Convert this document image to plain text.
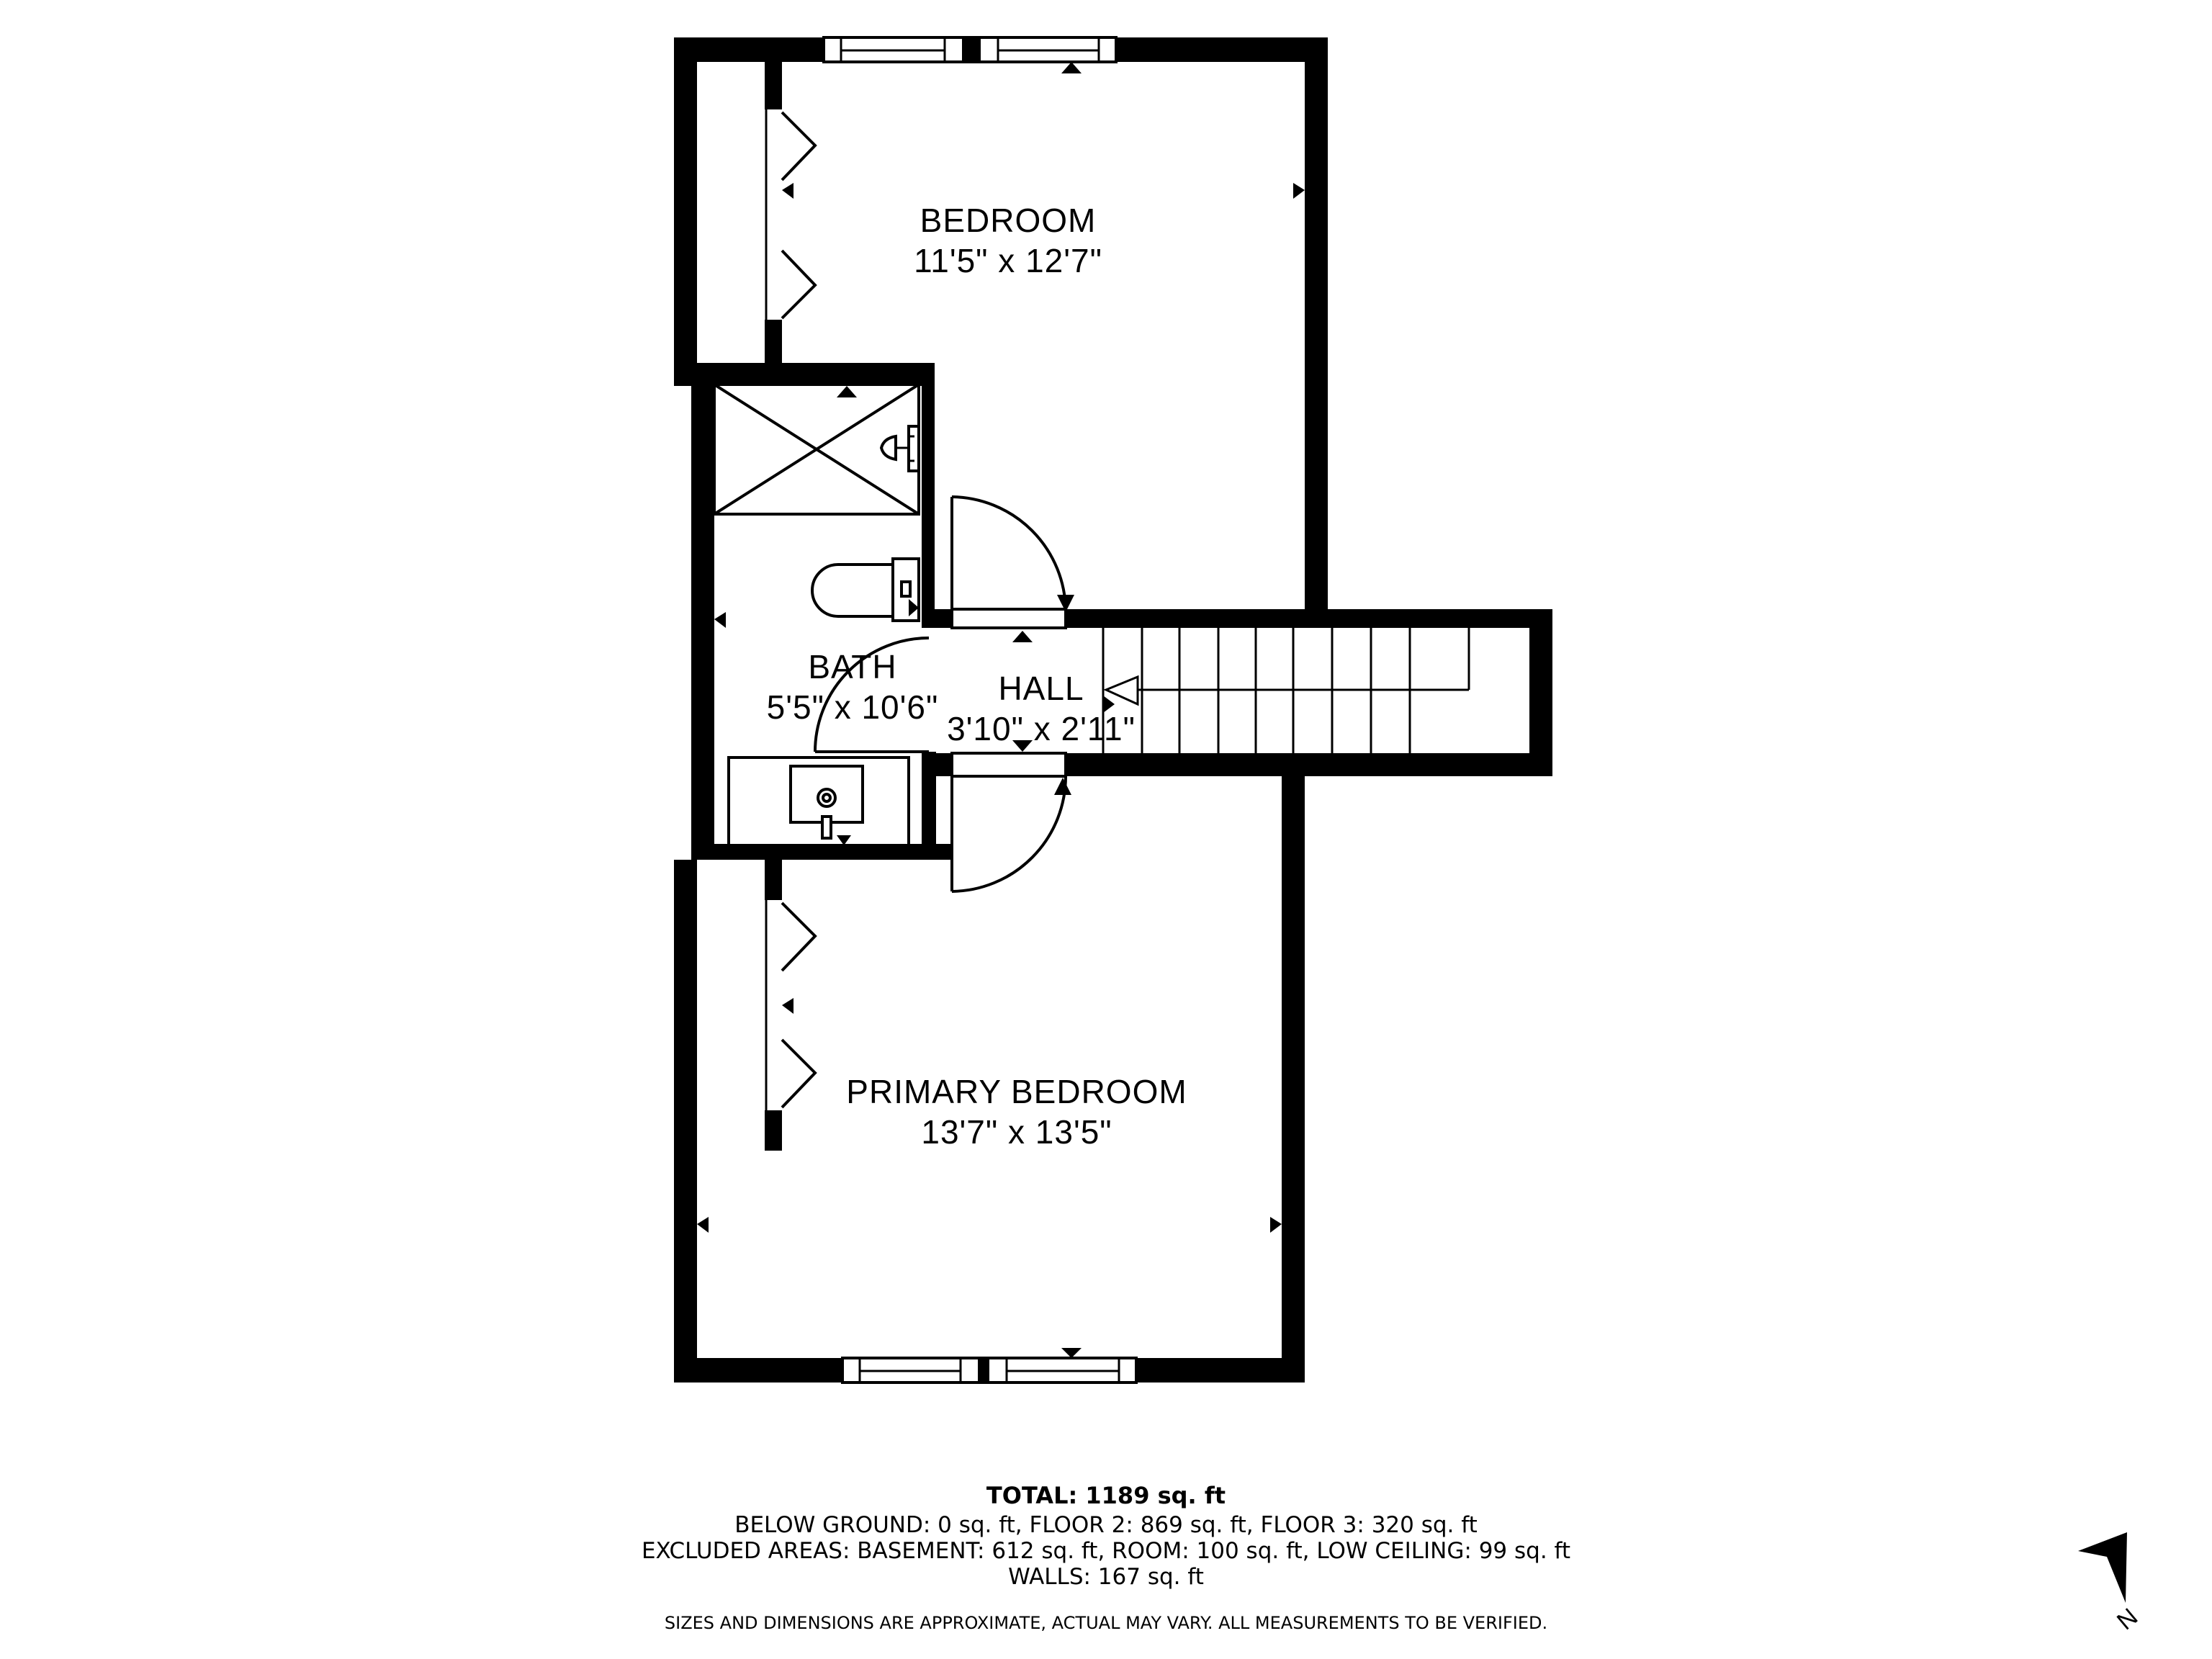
BEDROOM
11'5" x 12'7"
BATH
5'5" x 10'6"	HALL
3'10" x 2'11"
PRIMARY BEDROOM
13'7" x 13'5"
TOTAL: 1189 sq. ft
BELOW GROUND: 0 sq. ft, FLOOR 2: 869 sq. ft, FLOOR 3: 320 sq. ft
EXCLUDED AREAS: BASEMENT: 612 sq. ft, ROOM: 100 sq. ft, LOW CEILING: 99 sq. ft
WALLS: 167 sq. ft
SIZES AND DIMENSIONS ARE APPROXIMATE, ACTUAL MAY VARY. ALL MEASUREMENTS TO BE VERIFIED.	N
